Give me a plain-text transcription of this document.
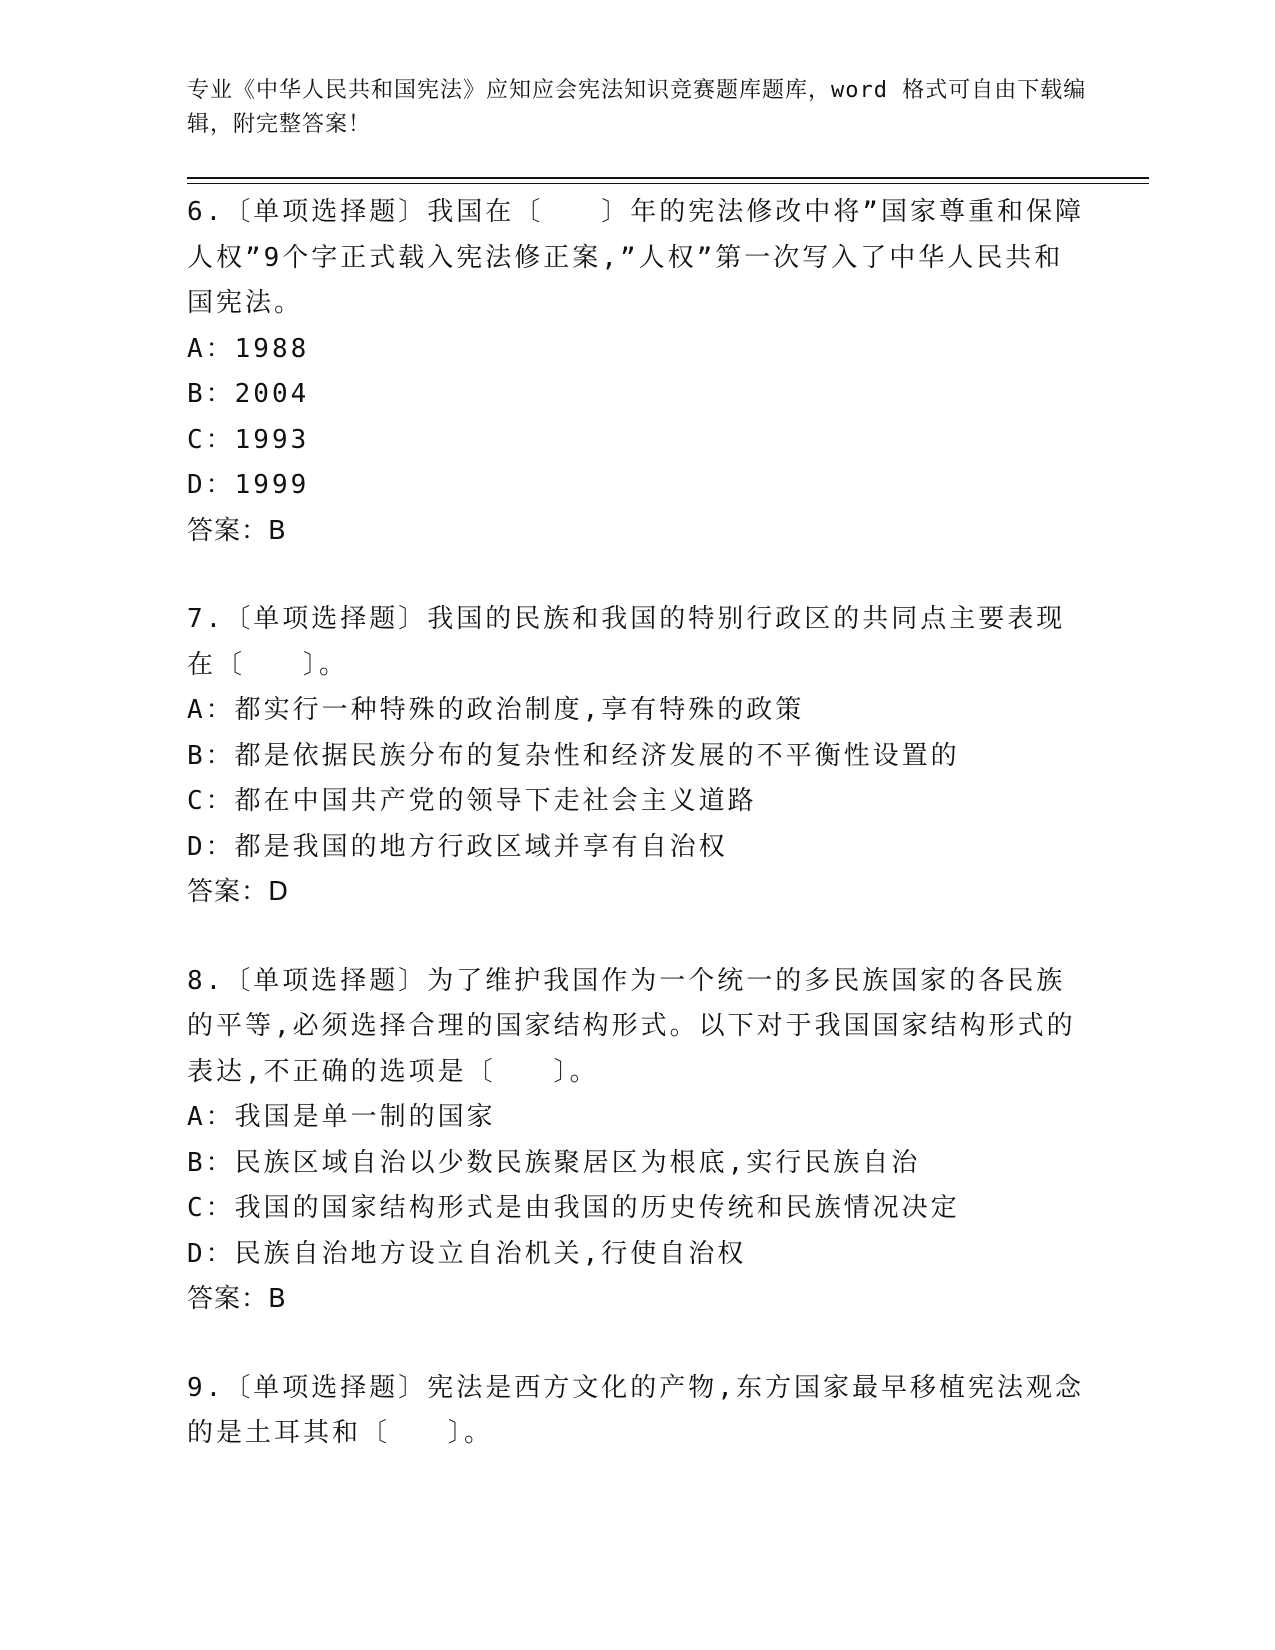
专业《中华人民共和国宪法》应知应会宪法知识竞赛题库题库，word 格式可自由下载编辑，附完整答案！
6.〔单项选择题〕我国在〔　　〕年的宪法修改中将”国家尊重和保障人权”9个字正式载入宪法修正案,”人权”第一次写入了中华人民共和国宪法。
A：1988
B：2004
C：1993
D：1999
答案：B
7.〔单项选择题〕我国的民族和我国的特别行政区的共同点主要表现在〔　　〕。
A：都实行一种特殊的政治制度,享有特殊的政策
B：都是依据民族分布的复杂性和经济发展的不平衡性设置的
C：都在中国共产党的领导下走社会主义道路
D：都是我国的地方行政区域并享有自治权
答案：D
8.〔单项选择题〕为了维护我国作为一个统一的多民族国家的各民族的平等,必须选择合理的国家结构形式。以下对于我国国家结构形式的表达,不正确的选项是〔　　〕。
A：我国是单一制的国家
B：民族区域自治以少数民族聚居区为根底,实行民族自治
C：我国的国家结构形式是由我国的历史传统和民族情况决定
D：民族自治地方设立自治机关,行使自治权
答案：B
9.〔单项选择题〕宪法是西方文化的产物,东方国家最早移植宪法观念的是土耳其和〔　　〕。
